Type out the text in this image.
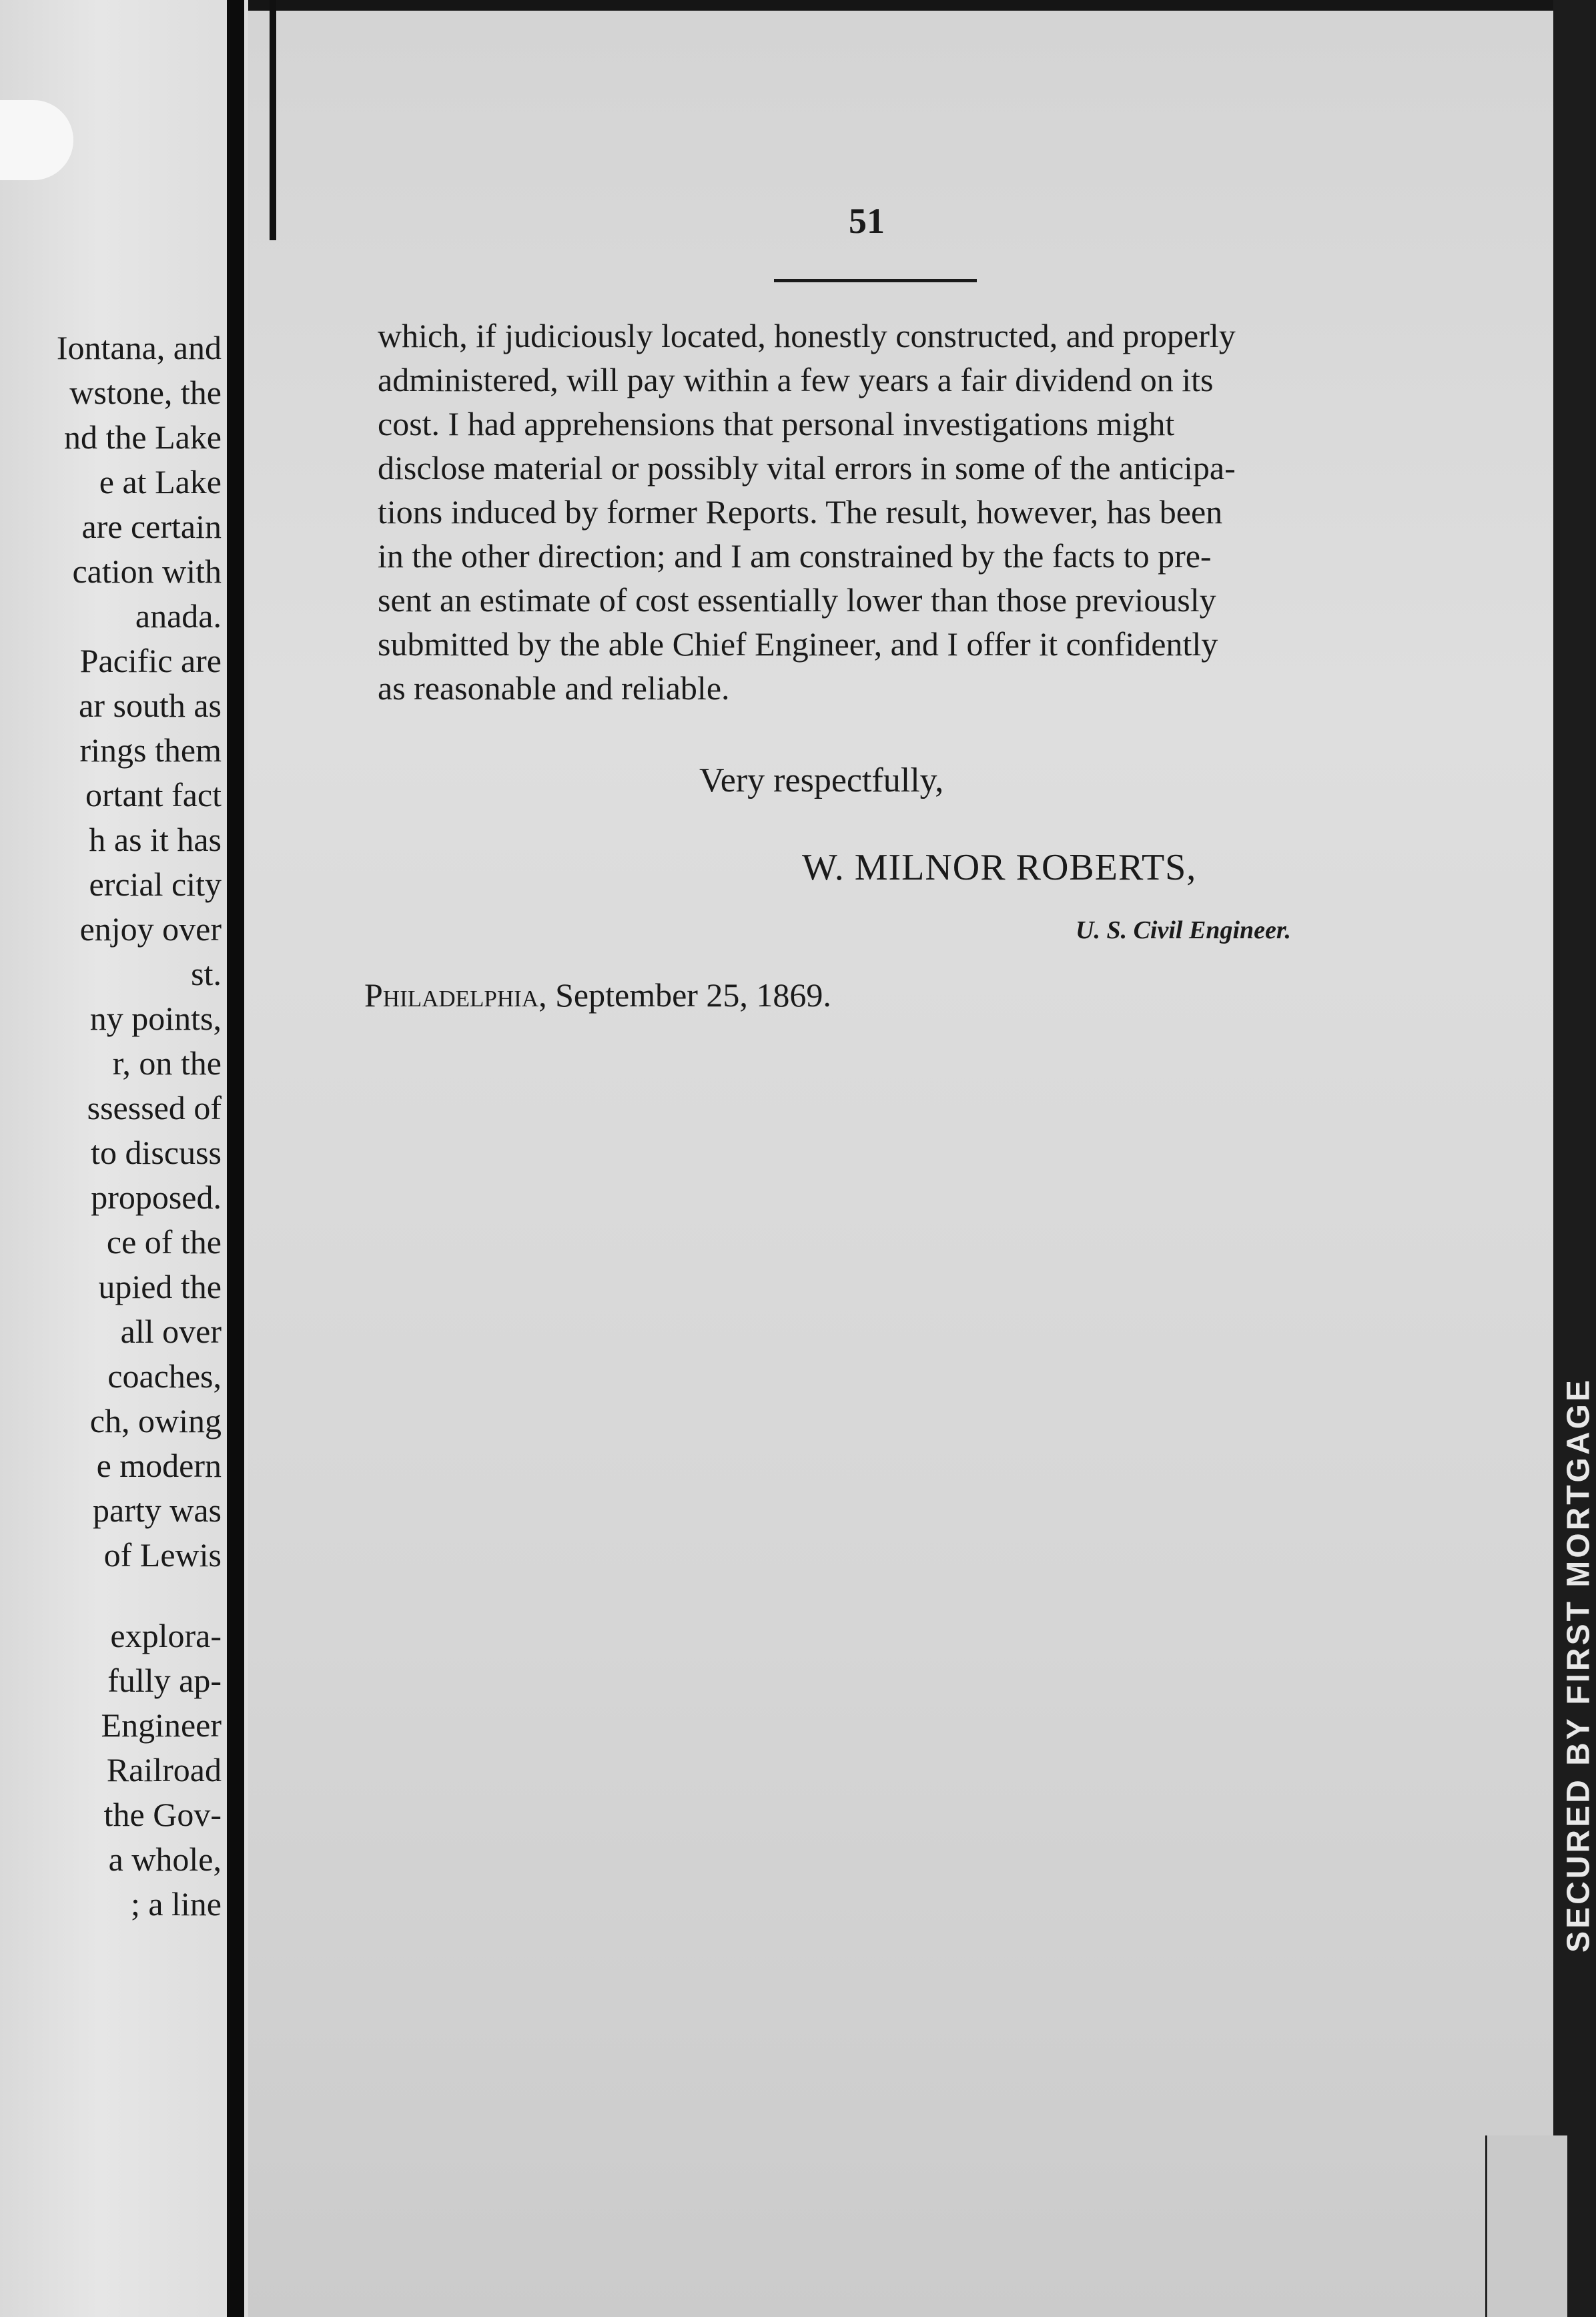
Iontana, and

wstone, the

nd the Lake

e at Lake

are certain

cation with

anada.

Pacific are

ar south as

rings them

ortant fact

h as it has

ercial city

enjoy over

st.

ny points,

r, on the

ssessed of

to discuss

proposed.

ce of the

upied the

all over

coaches,

ch, owing

e modern

party was

of Lewis

explora-

fully ap-

Engineer

Railroad

the Gov-

a whole,

; a line

51
which, if judiciously located, honestly constructed, and properly
administered, will pay within a few years a fair dividend on its
cost. I had apprehensions that personal investigations might
disclose material or possibly vital errors in some of the anticipa-
tions induced by former Reports. The result, however, has been
in the other direction; and I am constrained by the facts to pre-
sent an estimate of cost essentially lower than those previously
submitted by the able Chief Engineer, and I offer it confidently
as reasonable and reliable.
Very respectfully,
W. MILNOR ROBERTS,
U. S. Civil Engineer.
Philadelphia, September 25, 1869.
SECURED BY FIRST MORTGAGE
